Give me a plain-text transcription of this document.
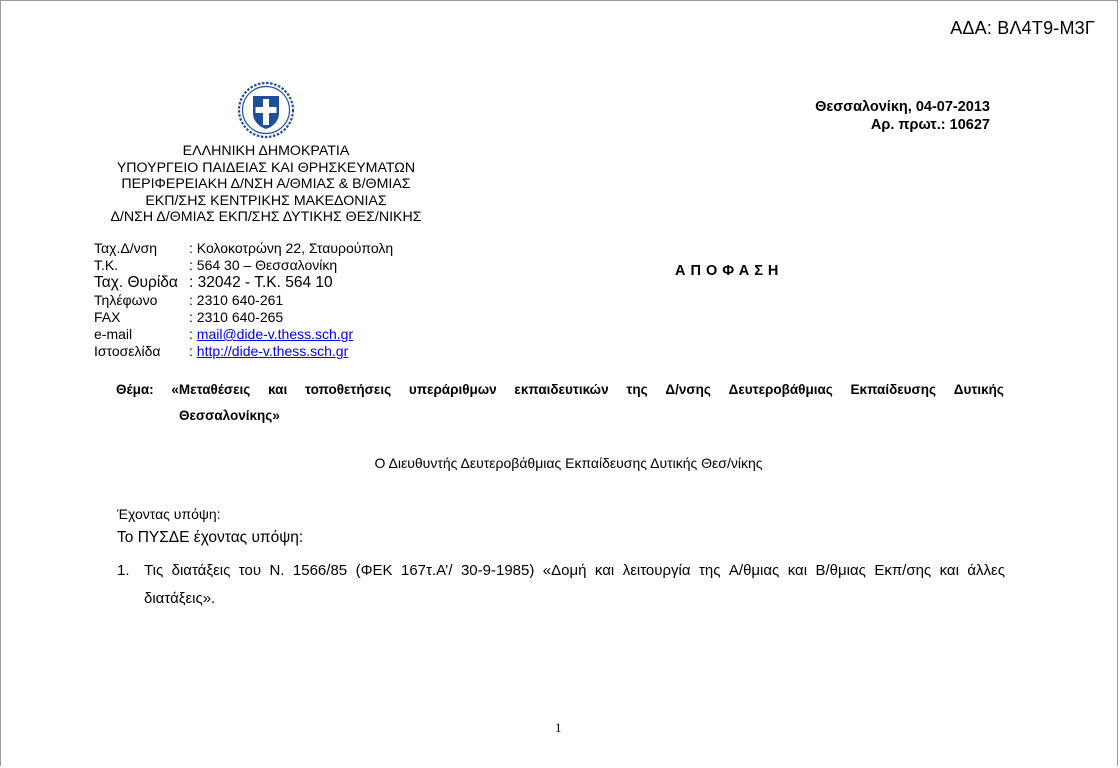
ΑΔΑ: ΒΛ4Τ9-Μ3Γ
ΕΛΛΗΝΙΚΗ ΔΗΜΟΚΡΑΤΙΑ
ΥΠΟΥΡΓΕΙΟ ΠΑΙΔΕΙΑΣ ΚΑΙ ΘΡΗΣΚΕΥΜΑΤΩΝ
ΠΕΡΙΦΕΡΕΙΑΚΗ Δ/ΝΣΗ Α/ΘΜΙΑΣ & Β/ΘΜΙΑΣ
ΕΚΠ/ΣΗΣ ΚΕΝΤΡΙΚΗΣ ΜΑΚΕΔΟΝΙΑΣ
Δ/ΝΣΗ Δ/ΘΜΙΑΣ ΕΚΠ/ΣΗΣ ΔΥΤΙΚΗΣ ΘΕΣ/ΝΙΚΗΣ
Θεσσαλονίκη, 04-07-2013
Αρ. πρωτ.: 10627
Ταχ.Δ/νση	: Κολοκοτρώνη 22, Σταυρούπολη
Τ.Κ.	: 564 30 – Θεσσαλονίκη
Ταχ. Θυρίδα : 32042 - Τ.Κ. 564 10
Τηλέφωνο	: 2310 640-261
FAX	: 2310 640-265
e-mail	: mail@dide-v.thess.sch.gr
Ιστοσελίδα	: http://dide-v.thess.sch.gr
ΑΠΟΦΑΣΗ
Θέμα: «Μεταθέσεις και τοποθετήσεις υπεράριθμων εκπαιδευτικών της Δ/νσης Δευτεροβάθμιας Εκπαίδευσης Δυτικής
Θεσσαλονίκης»
Ο Διευθυντής Δευτεροβάθμιας Εκπαίδευσης Δυτικής Θεσ/νίκης
Έχοντας υπόψη:
Το ΠΥΣΔΕ έχοντας υπόψη:
1. Τις διατάξεις του Ν. 1566/85 (ΦΕΚ 167τ.Α’/ 30-9-1985) «Δομή και λειτουργία της Α/θμιας και Β/θμιας Εκπ/σης και άλλες
διατάξεις».
1
